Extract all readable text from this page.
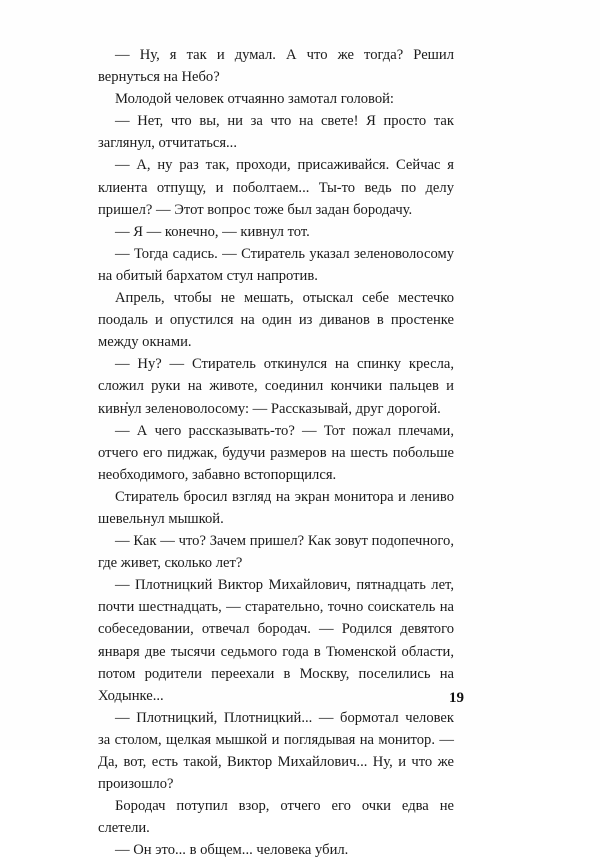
— Ну, я так и думал. А что же тогда? Решил вернуться на Небо?

Молодой человек отчаянно замотал головой:

— Нет, что вы, ни за что на свете! Я просто так заглянул, отчитаться...

— А, ну раз так, проходи, присаживайся. Сейчас я клиента отпущу, и поболтаем... Ты-то ведь по делу пришел? — Этот вопрос тоже был задан бородачу.

— Я — конечно, — кивнул тот.

— Тогда садись. — Стиратель указал зеленоволосому на обитый бархатом стул напротив.

Апрель, чтобы не мешать, отыскал себе местечко поодаль и опустился на один из диванов в простенке между окнами.

— Ну? — Стиратель откинулся на спинку кресла, сложил руки на животе, соединил кончики пальцев и кивнул зеленоволосому: — Рассказывай, друг дорогой.

— А чего рассказывать-то? — Тот пожал плечами, отчего его пиджак, будучи размеров на шесть побольше необходимого, забавно встопорщился.

Стиратель бросил взгляд на экран монитора и лениво шевельнул мышкой.

— Как — что? Зачем пришел? Как зовут подопечного, где живет, сколько лет?

— Плотницкий Виктор Михайлович, пятнадцать лет, почти шестнадцать, — старательно, точно соискатель на собеседовании, отвечал бородач. — Родился девятого января две тысячи седьмого года в Тюменской области, потом родители переехали в Москву, поселились на Ходынке...

— Плотницкий, Плотницкий... — бормотал человек за столом, щелкая мышкой и поглядывая на монитор. — Да, вот, есть такой, Виктор Михайлович... Ну, и что же произошло?

Бородач потупил взор, отчего его очки едва не слетели.

— Он это... в общем... человека убил.

19
